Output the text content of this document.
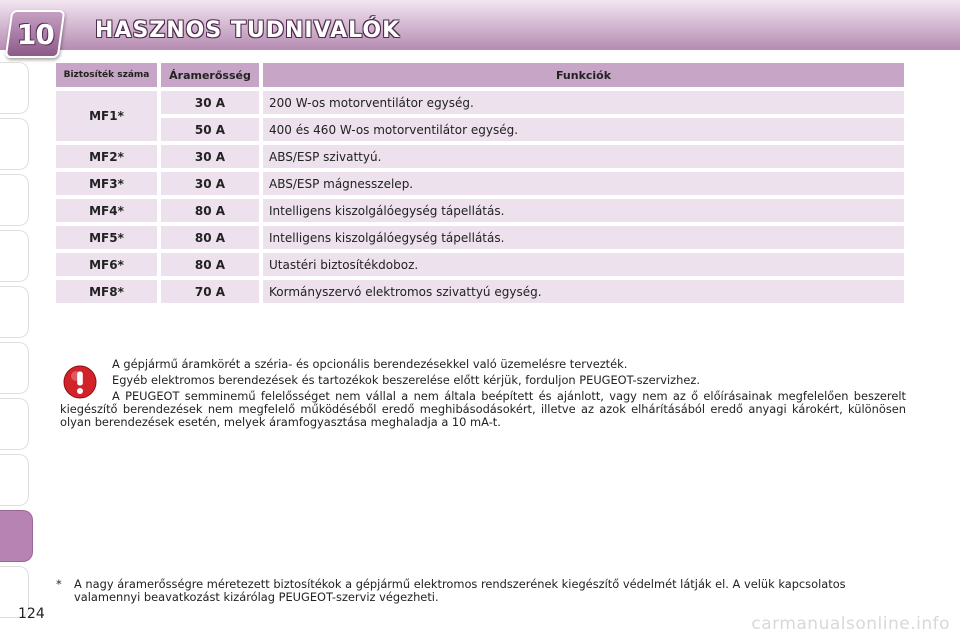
10 HASZNOS TUDNIVALÓK
Biztosíték száma	Áramerősség	Funkciók
MF1*
30 A	200 W-os motorventilátor egység.
50 A	400 és 460 W-os motorventilátor egység.
MF2*	30 A	ABS/ESP szivattyú.
MF3*	30 A	ABS/ESP mágnesszelep.
MF4*	80 A	Intelligens kiszolgálóegység tápellátás.
MF5*	80 A	Intelligens kiszolgálóegység tápellátás.
MF6*	80 A	Utastéri biztosítékdoboz.
MF8*	70 A	Kormányszervó elektromos szivattyú egység.

A gépjármű áramkörét a széria- és opcionális berendezésekkel való üzemelésre tervezték.

Egyéb elektromos berendezések és tartozékok beszerelése előtt kérjük, forduljon PEUGEOT-szervizhez.

A PEUGEOT semminemű felelősséget nem vállal a nem általa beépített és ajánlott, vagy nem az ő előírásainak megfelelően beszerelt kiegészítő berendezések nem megfelelő működéséből eredő meghibásodásokért, illetve az azok elhárításából eredő anyagi károkért, különösen olyan berendezések esetén, melyek áramfogyasztása meghaladja a 10 mA-t.

*	A nagy áramerősségre méretezett biztosítékok a gépjármű elektromos rendszerének kiegészítő védelmét látják el. A velük kapcsolatos valamennyi beavatkozást kizárólag PEUGEOT-szerviz végezheti.
124	carmanualsonline.info
